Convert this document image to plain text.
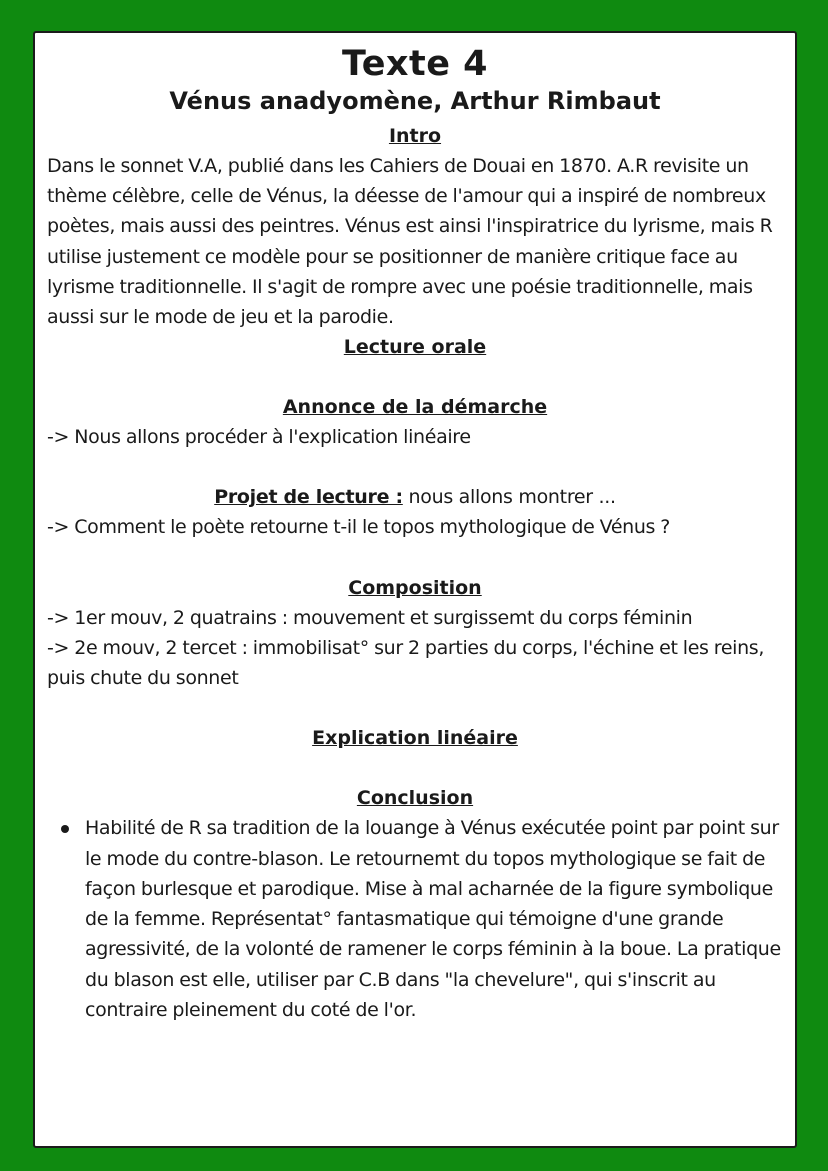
Texte 4
Vénus anadyomène, Arthur Rimbaut
Intro

Dans le sonnet V.A, publié dans les Cahiers de Douai en 1870. A.R revisite un thème célèbre, celle de Vénus, la déesse de l'amour qui a inspiré de nombreux poètes, mais aussi des peintres. Vénus est ainsi l'inspiratrice du lyrisme, mais R utilise justement ce modèle pour se positionner de manière critique face au lyrisme traditionnelle. Il s'agit de rompre avec une poésie traditionnelle, mais aussi sur le mode de jeu et la parodie.

Lecture orale
Annonce de la démarche

-> Nous allons procéder à l'explication linéaire

Projet de lecture : nous allons montrer ...

-> Comment le poète retourne t-il le topos mythologique de Vénus ?

Composition

-> 1er mouv, 2 quatrains : mouvement et surgissemt du corps féminin

-> 2e mouv, 2 tercet : immobilisat° sur 2 parties du corps, l'échine et les reins, puis chute du sonnet

Explication linéaire
Conclusion
Habilité de R sa tradition de la louange à Vénus exécutée point par point sur le mode du contre-blason. Le retournemt du topos mythologique se fait de façon burlesque et parodique. Mise à mal acharnée de la figure symbolique de la femme. Représentat° fantasmatique qui témoigne d'une grande agressivité, de la volonté de ramener le corps féminin à la boue. La pratique du blason est elle, utiliser par C.B dans "la chevelure", qui s'inscrit au contraire pleinement du coté de l'or.
